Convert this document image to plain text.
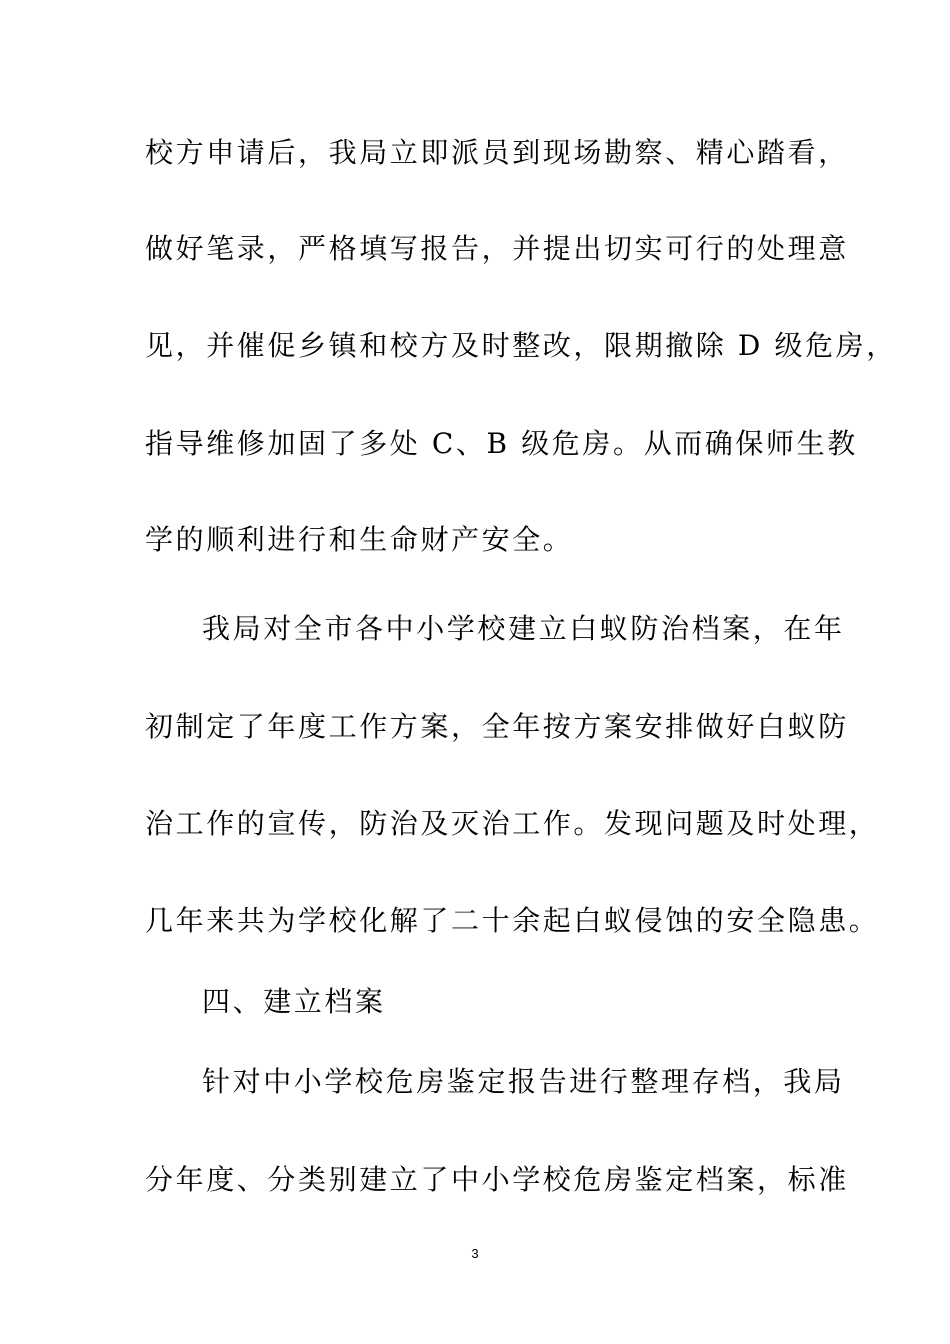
校方申请后，我局立即派员到现场勘察、精心踏看，
做好笔录，严格填写报告，并提出切实可行的处理意
见，并催促乡镇和校方及时整改，限期撤除 D 级危房，
指导维修加固了多处 C、B 级危房。从而确保师生教
学的顺利进行和生命财产安全。
我局对全市各中小学校建立白蚁防治档案，在年
初制定了年度工作方案，全年按方案安排做好白蚁防
治工作的宣传，防治及灭治工作。发现问题及时处理，
几年来共为学校化解了二十余起白蚁侵蚀的安全隐患。
四、建立档案
针对中小学校危房鉴定报告进行整理存档，我局
分年度、分类别建立了中小学校危房鉴定档案，标准
3
